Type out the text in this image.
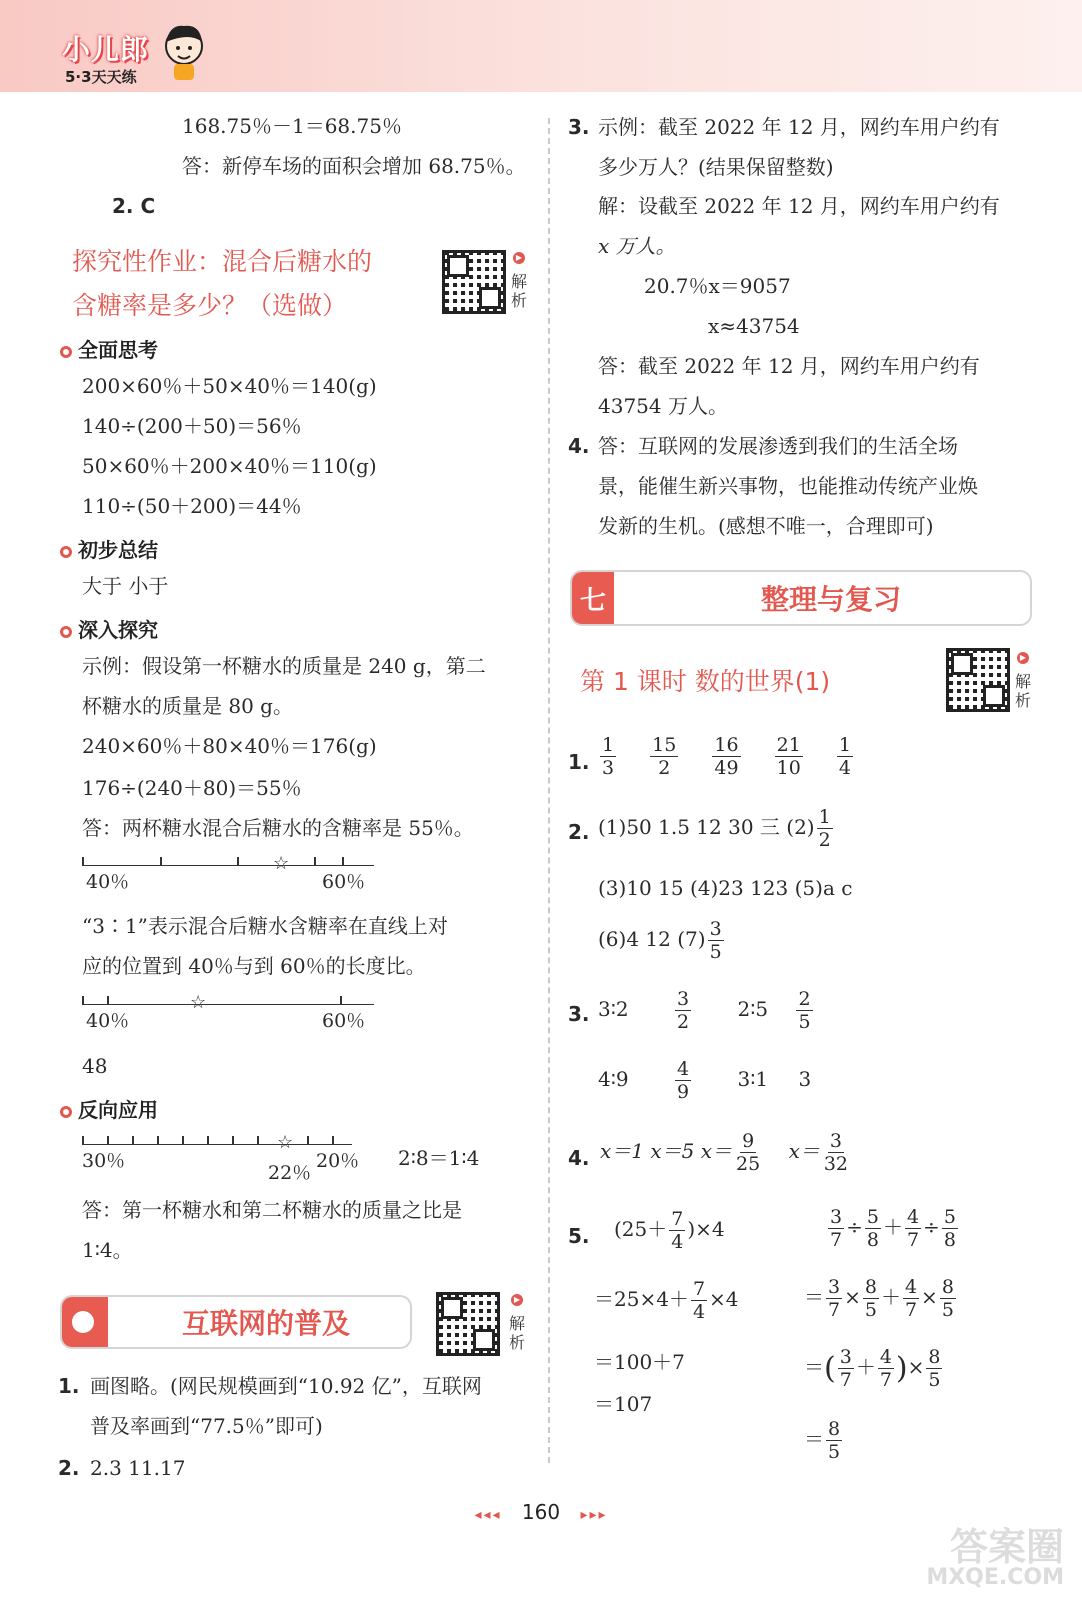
小儿郎
5·3天天练
168.75％－1＝68.75％
答：新停车场的面积会增加 68.75％。
2. C
探究性作业：混合后糖水的
含糖率是多少？（选做）
▶
解析
全面思考
200×60％＋50×40％＝140(g)
140÷(200＋50)＝56％
50×60％＋200×40％＝110(g)
110÷(50＋200)＝44％
初步总结
大于 小于
深入探究
示例：假设第一杯糖水的质量是 240 g，第二
杯糖水的质量是 80 g。
240×60％＋80×40％＝176(g)
176÷(240＋80)＝55％
答：两杯糖水混合后糖水的含糖率是 55％。
☆
40％	60％
“3∶1”表示混合后糖水含糖率在直线上对
应的位置到 40％与到 60％的长度比。
☆
40％	60％
48
反向应用
☆
30％
22％
20％ 2∶8＝1∶4
答：第一杯糖水和第二杯糖水的质量之比是
1∶4。
互联网的普及
▶
解析
1. 画图略。(网民规模画到“10.92 亿”，互联网
普及率画到“77.5％”即可)
2. 2.3 11.17
3. 示例：截至 2022 年 12 月，网约车用户约有
多少万人？(结果保留整数)
解：设截至 2022 年 12 月，网约车用户约有
x 万人。
20.7％x＝9057
x≈43754
答：截至 2022 年 12 月，网约车用户约有
43754 万人。
4. 答：互联网的发展渗透到我们的生活全场
景，能催生新兴事物，也能推动传统产业焕
发新的生机。(感想不唯一，合理即可)
七	整理与复习
第 1 课时 数的世界(1)
▶
解析
1. $\frac{1}{3}$
$\frac{15}{2}$
$\frac{16}{49}$
$\frac{21}{10}$
$\frac{1}{4}$
2. (1)50 1.5 12 30 三 $(2) \frac{1}{2}$
(3)10 15 (4)23 123 (5)a c
(6)4 12 $(7) \frac{3}{5}$
3. 3∶2 $\frac{3}{2}$ 2∶5 $\frac{2}{5}$
4∶9 $\frac{4}{9}$ 3∶1 3
4. x＝1 x＝5 $x= \frac{9}{25} x= \frac{3}{32}$
5. $(25+ \frac{7}{4} )\times 4$
$=25\times 4+ \frac{7}{4} \times 4$
＝100＋7
＝107
$\frac{3}{7} \div \frac{5}{8} + \frac{4}{7} \div \frac{5}{8}$
＝ $\frac{3}{7} \times \frac{8}{5} + \frac{4}{7} \times \frac{8}{5}$
＝( $\frac{3}{7} + \frac{4}{7}$ )× $\frac{8}{5}$
＝ $\frac{8}{5}$
◂◂◂ 160 ▸▸▸
答案圈
MXQE.COM
